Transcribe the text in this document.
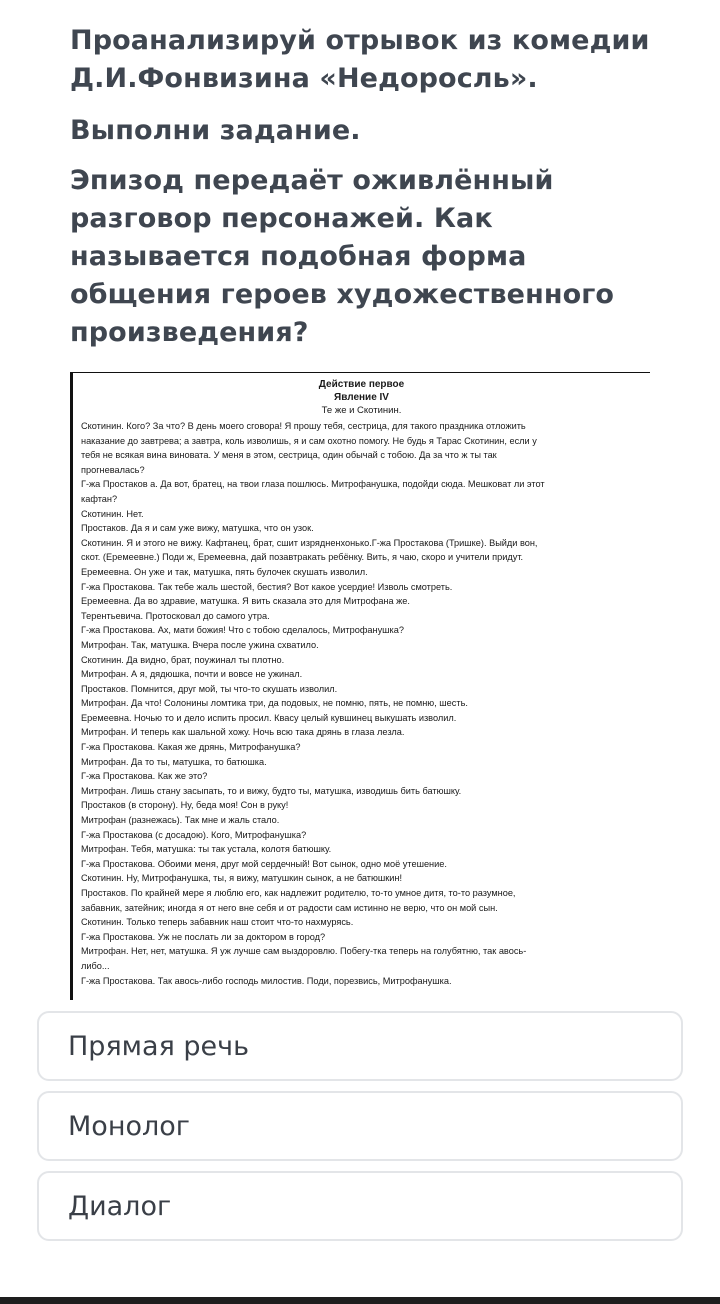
Проанализируй отрывок из комедии Д.И.Фонвизина «Недоросль».

Выполни задание.

Эпизод передаёт оживлённый разговор персонажей. Как называется подобная форма общения героев художественного произведения?

Действие первое
Явление IV
Те же и Скотинин.
Скотинин. Кого? За что? В день моего сговора! Я прошу тебя, сестрица, для такого праздника отложить
наказание до завтрева; а завтра, коль изволишь, я и сам охотно помогу. Не будь я Тарас Скотинин, если у
тебя не всякая вина виновата. У меня в этом, сестрица, один обычай с тобою. Да за что ж ты так
прогневалась?
Г-жа Простаков а. Да вот, братец, на твои глаза пошлюсь. Митрофанушка, подойди сюда. Мешковат ли этот
кафтан?
Скотинин. Нет.
Простаков. Да я и сам уже вижу, матушка, что он узок.
Скотинин. Я и этого не вижу. Кафтанец, брат, сшит изрядненхонько.Г-жа Простакова (Тришке). Выйди вон,
скот. (Еремеевне.) Поди ж, Еремеевна, дай позавтракать ребёнку. Вить, я чаю, скоро и учители придут.
Еремеевна. Он уже и так, матушка, пять булочек скушать изволил.
Г-жа Простакова. Так тебе жаль шестой, бестия? Вот какое усердие! Изволь смотреть.
Еремеевна. Да во здравие, матушка. Я вить сказала это для Митрофана же.
Терентьевича. Протосковал до самого утра.
Г-жа Простакова. Ах, мати божия! Что с тобою сделалось, Митрофанушка?
Митрофан. Так, матушка. Вчера после ужина схватило.
Скотинин. Да видно, брат, поужинал ты плотно.
Митрофан. А я, дядюшка, почти и вовсе не ужинал.
Простаков. Помнится, друг мой, ты что-то скушать изволил.
Митрофан. Да что! Солонины ломтика три, да подовых, не помню, пять, не помню, шесть.
Еремеевна. Ночью то и дело испить просил. Квасу целый кувшинец выкушать изволил.
Митрофан. И теперь как шальной хожу. Ночь всю така дрянь в глаза лезла.
Г-жа Простакова. Какая же дрянь, Митрофанушка?
Митрофан. Да то ты, матушка, то батюшка.
Г-жа Простакова. Как же это?
Митрофан. Лишь стану засыпать, то и вижу, будто ты, матушка, изводишь бить батюшку.
Простаков (в сторону). Ну, беда моя! Сон в руку!
Митрофан (разнежась). Так мне и жаль стало.
Г-жа Простакова (с досадою). Кого, Митрофанушка?
Митрофан. Тебя, матушка: ты так устала, колотя батюшку.
Г-жа Простакова. Обоими меня, друг мой сердечный! Вот сынок, одно моё утешение.
Скотинин. Ну, Митрофанушка, ты, я вижу, матушкин сынок, а не батюшкин!
Простаков. По крайней мере я люблю его, как надлежит родителю, то-то умное дитя, то-то разумное,
забавник, затейник; иногда я от него вне себя и от радости сам истинно не верю, что он мой сын.
Скотинин. Только теперь забавник наш стоит что-то нахмурясь.
Г-жа Простакова. Уж не послать ли за доктором в город?
Митрофан. Нет, нет, матушка. Я уж лучше сам выздоровлю. Побегу-тка теперь на голубятню, так авось-
либо...
Г-жа Простакова. Так авось-либо господь милостив. Поди, порезвись, Митрофанушка.
Прямая речь
Монолог
Диалог
